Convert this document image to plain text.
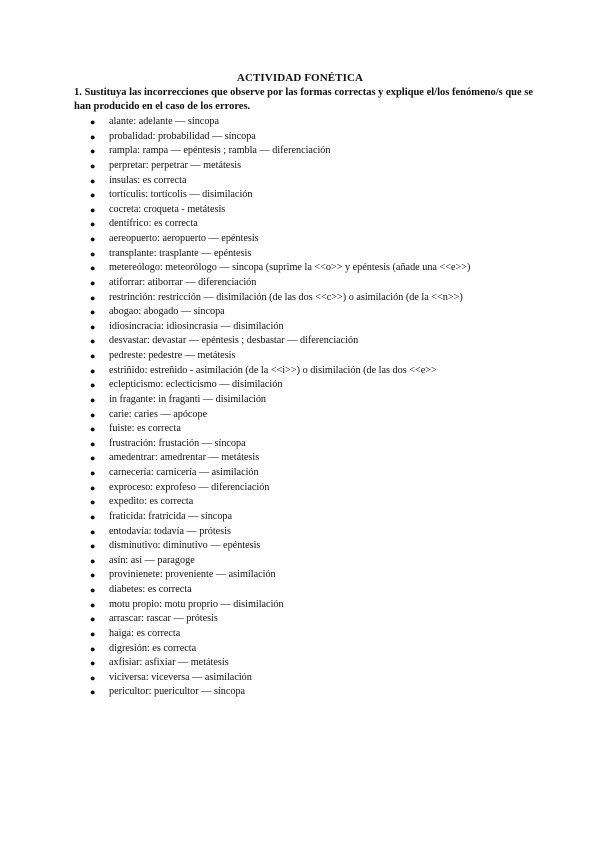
ACTIVIDAD FONÉTICA
1. Sustituya las incorrecciones que observe por las formas correctas y explique el/los fenómeno/s que se han producido en el caso de los errores.
● alante: adelante — síncopa
● probalidad: probabilidad — síncopa
● rampla: rampa — epéntesis ; rambla — diferenciación
● perpretar: perpetrar — metátesis
● ínsulas: es correcta
● tortículis: tortícolis — disimilación
● cocreta: croqueta - metátesis
● dentífrico: es correcta
● aereopuerto: aeropuerto — epéntesis
● transplante: trasplante — epéntesis
● metereólogo: meteorólogo — síncopa (suprime la <<o>> y epéntesis (añade una <<e>>)
● atiforrar: atiborrar — diferenciación
● restrinción: restricción — disimilación (de las dos <<c>>) o asimilación (de la <<n>>)
● abogao: abogado — síncopa
● idiosincracia: idiosincrasia — disimilación
● desvastar: devastar — epéntesis ; desbastar — diferenciación
● pedreste: pedestre — metátesis
● estriñido: estreñido - asimilación (de la <<i>>) o disimilación (de las dos <<e>>
● eclepticismo: eclecticismo — disimilación
● in fragante: in fraganti — disimilación
● carie: caries — apócope
● fuiste: es correcta
● frustración: frustación — síncopa
● amedentrar: amedrentar — metátesis
● carnecería: carnicería — asimilación
● exproceso: exprofeso — diferenciación
● expedito: es correcta
● fraticida: fratricida — síncopa
● entodavía: todavía — prótesis
● disminutivo: diminutivo — epéntesis
● asín: así — paragoge
● provinienete: proveniente — asimilación
● diabetes: es correcta
● motu propio: motu proprio — disimilación
● arrascar: rascar — prótesis
● haiga: es correcta
● digresión: es correcta
● axfisiar: asfixiar — metátesis
● viciversa: viceversa — asimilación
● pericultor: puericultor — síncopa
